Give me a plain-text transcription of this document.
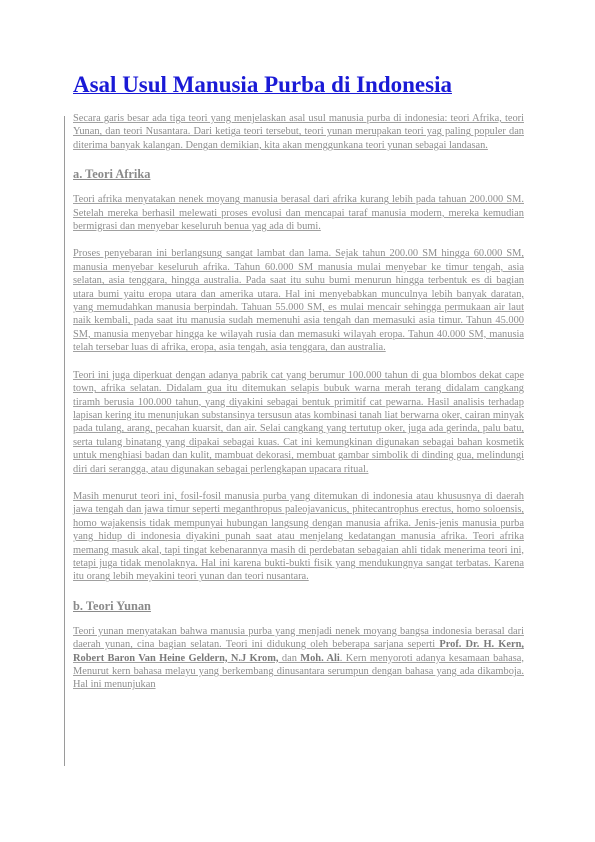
Asal Usul Manusia Purba di Indonesia

Secara garis besar ada tiga teori yang menjelaskan asal usul manusia purba di indonesia: teori Afrika, teori Yunan, dan teori Nusantara. Dari ketiga teori tersebut, teori yunan merupakan teori yag paling populer dan diterima banyak kalangan. Dengan demikian, kita akan menggunkana teori yunan sebagai landasan.

a. Teori Afrika

Teori afrika menyatakan nenek moyang manusia berasal dari afrika kurang lebih pada tahuan 200.000 SM. Setelah mereka berhasil melewati proses evolusi dan mencapai taraf manusia modern, mereka kemudian bermigrasi dan menyebar keseluruh benua yag ada di bumi.

Proses penyebaran ini berlangsung sangat lambat dan lama. Sejak tahun 200.00 SM hingga 60.000 SM, manusia menyebar keseluruh afrika. Tahun 60.000 SM manusia mulai menyebar ke timur tengah, asia selatan, asia tenggara, hingga australia. Pada saat itu suhu bumi menurun hingga terbentuk es di bagian utara bumi yaitu eropa utara dan amerika utara. Hal ini menyebabkan munculnya lebih banyak daratan, yang memudahkan manusia berpindah. Tahuan 55.000 SM, es mulai mencair sehingga permukaan air laut naik kembali, pada saat itu manusia sudah memenuhi asia tengah dan memasuki asia timur. Tahun 45.000 SM, manusia menyebar hingga ke wilayah rusia dan memasuki wilayah eropa. Tahun 40.000 SM, manusia telah tersebar luas di afrika, eropa, asia tengah, asia tenggara, dan australia.

Teori ini juga diperkuat dengan adanya pabrik cat yang berumur 100.000 tahun di gua blombos dekat cape town, afrika selatan. Didalam gua itu ditemukan selapis bubuk warna merah terang didalam cangkang tiramh berusia 100.000 tahun, yang diyakini sebagai bentuk primitif cat pewarna. Hasil analisis terhadap lapisan kering itu menunjukan substansinya tersusun atas kombinasi tanah liat berwarna oker, cairan minyak pada tulang, arang, pecahan kuarsit, dan air. Selai cangkang yang tertutup oker, juga ada gerinda, palu batu, serta tulang binatang yang dipakai sebagai kuas. Cat ini kemungkinan digunakan sebagai bahan kosmetik untuk menghiasi badan dan kulit, mambuat dekorasi, membuat gambar simbolik di dinding gua, melindungi diri dari serangga, atau digunakan sebagai perlengkapan upacara ritual.

Masih menurut teori ini, fosil-fosil manusia purba yang ditemukan di indonesia atau khususnya di daerah jawa tengah dan jawa timur seperti meganthropus paleojavanicus, phitecantrophus erectus, homo soloensis, homo wajakensis tidak mempunyai hubungan langsung dengan manusia afrika. Jenis-jenis manusia purba yang hidup di indonesia diyakini punah saat atau menjelang kedatangan manusia afrika. Teori afrika memang masuk akal, tapi tingat kebenarannya masih di perdebatan sebagaian ahli tidak menerima teori ini, tetapi juga tidak menolaknya. Hal ini karena bukti-bukti fisik yang mendukungnya sangat terbatas. Karena itu orang lebih meyakini teori yunan dan teori nusantara.

b. Teori Yunan

Teori yunan menyatakan bahwa manusia purba yang menjadi nenek moyang bangsa indonesia berasal dari daerah yunan, cina bagian selatan. Teori ini didukung oleh beberapa sarjana seperti Prof. Dr. H. Kern, Robert Baron Van Heine Geldern, N.J Krom, dan Moh. Ali. Kern menyoroti adanya kesamaan bahasa, Menurut kern bahasa melayu yang berkembang dinusantara serumpun dengan bahasa yang ada dikamboja. Hal ini menunjukan
